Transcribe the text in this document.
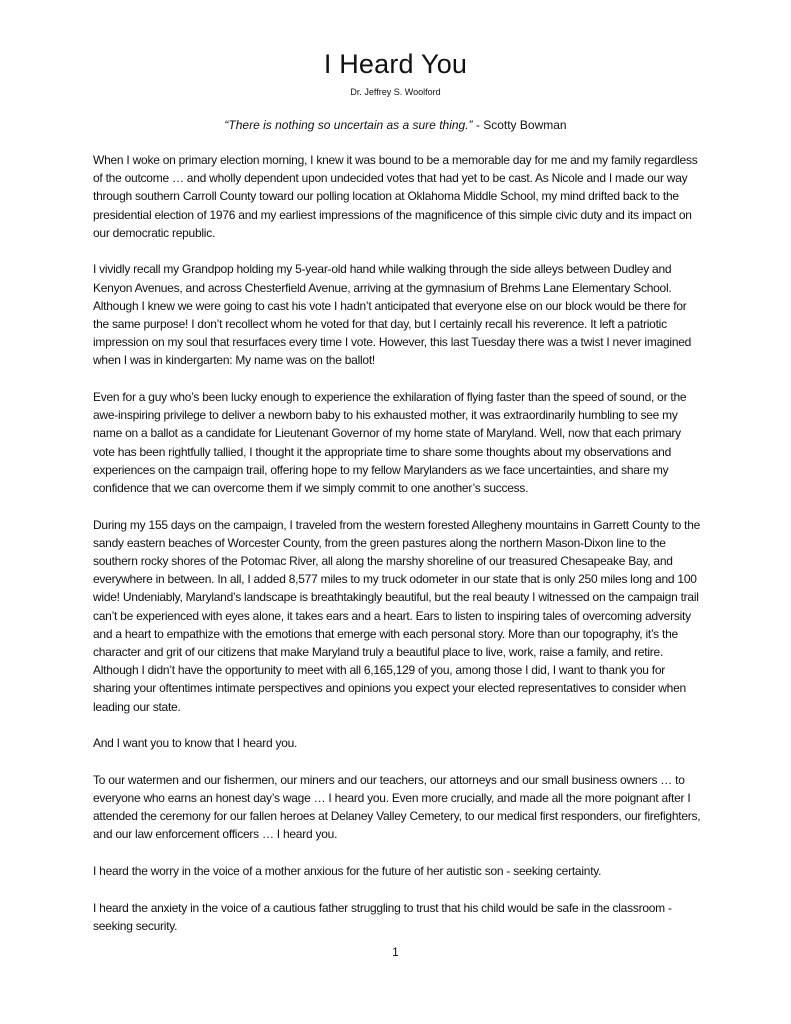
I Heard You
Dr. Jeffrey S. Woolford
“There is nothing so uncertain as a sure thing.” - Scotty Bowman

When I woke on primary election morning, I knew it was bound to be a memorable day for me and my family regardless of the outcome … and wholly dependent upon undecided votes that had yet to be cast. As Nicole and I made our way through southern Carroll County toward our polling location at Oklahoma Middle School, my mind drifted back to the presidential election of 1976 and my earliest impressions of the magnificence of this simple civic duty and its impact on our democratic republic.

I vividly recall my Grandpop holding my 5-year-old hand while walking through the side alleys between Dudley and Kenyon Avenues, and across Chesterfield Avenue, arriving at the gymnasium of Brehms Lane Elementary School. Although I knew we were going to cast his vote I hadn’t anticipated that everyone else on our block would be there for the same purpose! I don’t recollect whom he voted for that day, but I certainly recall his reverence. It left a patriotic impression on my soul that resurfaces every time I vote. However, this last Tuesday there was a twist I never imagined when I was in kindergarten: My name was on the ballot!

Even for a guy who’s been lucky enough to experience the exhilaration of flying faster than the speed of sound, or the awe-inspiring privilege to deliver a newborn baby to his exhausted mother, it was extraordinarily humbling to see my name on a ballot as a candidate for Lieutenant Governor of my home state of Maryland. Well, now that each primary vote has been rightfully tallied, I thought it the appropriate time to share some thoughts about my observations and experiences on the campaign trail, offering hope to my fellow Marylanders as we face uncertainties, and share my confidence that we can overcome them if we simply commit to one another’s success.

During my 155 days on the campaign, I traveled from the western forested Allegheny mountains in Garrett County to the sandy eastern beaches of Worcester County, from the green pastures along the northern Mason-Dixon line to the southern rocky shores of the Potomac River, all along the marshy shoreline of our treasured Chesapeake Bay, and everywhere in between. In all, I added 8,577 miles to my truck odometer in our state that is only 250 miles long and 100 wide! Undeniably, Maryland’s landscape is breathtakingly beautiful, but the real beauty I witnessed on the campaign trail can’t be experienced with eyes alone, it takes ears and a heart. Ears to listen to inspiring tales of overcoming adversity and a heart to empathize with the emotions that emerge with each personal story. More than our topography, it’s the character and grit of our citizens that make Maryland truly a beautiful place to live, work, raise a family, and retire. Although I didn’t have the opportunity to meet with all 6,165,129 of you, among those I did, I want to thank you for sharing your oftentimes intimate perspectives and opinions you expect your elected representatives to consider when leading our state.

And I want you to know that I heard you.

To our watermen and our fishermen, our miners and our teachers, our attorneys and our small business owners … to everyone who earns an honest day’s wage … I heard you. Even more crucially, and made all the more poignant after I attended the ceremony for our fallen heroes at Delaney Valley Cemetery, to our medical first responders, our firefighters, and our law enforcement officers … I heard you.

I heard the worry in the voice of a mother anxious for the future of her autistic son - seeking certainty.

I heard the anxiety in the voice of a cautious father struggling to trust that his child would be safe in the classroom - seeking security.

1
